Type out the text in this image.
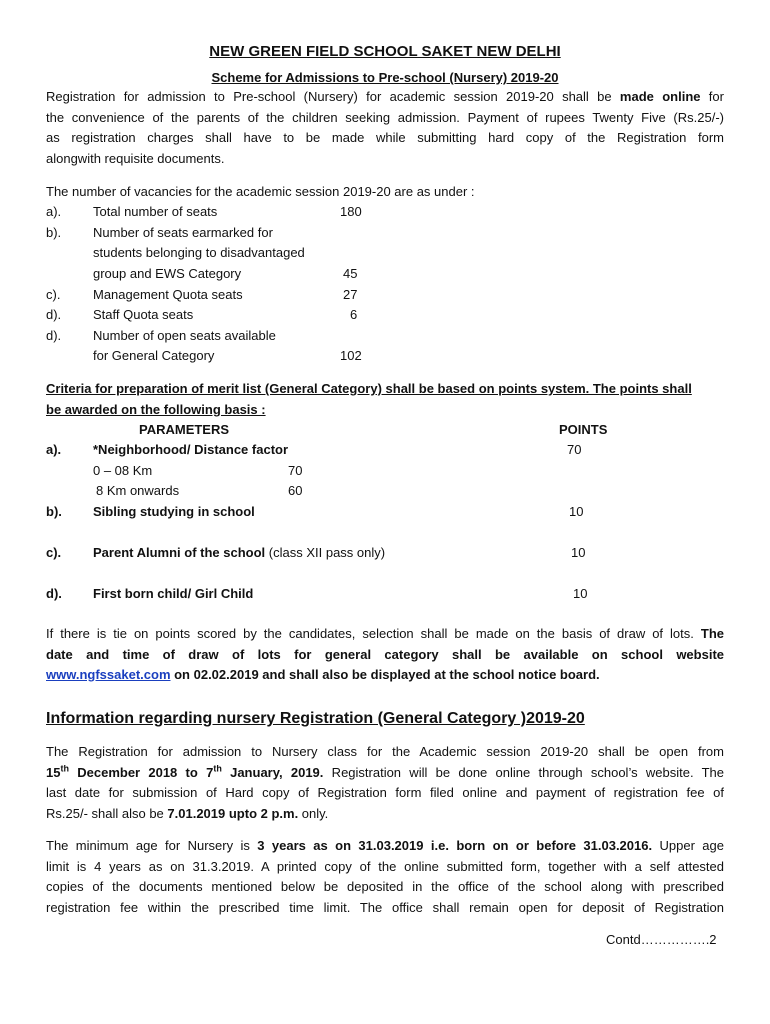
NEW GREEN FIELD SCHOOL SAKET NEW DELHI
Scheme for Admissions to Pre-school (Nursery) 2019-20
Registration for admission to Pre-school (Nursery) for academic session 2019-20 shall be made online for
the convenience of the parents of the children seeking admission. Payment of rupees Twenty Five (Rs.25/-)
as registration charges shall have to be made while submitting hard copy of the Registration form
alongwith requisite documents.
The number of vacancies for the academic session 2019-20 are as under :
a). Total number of seats	180
b). Number of seats earmarked for
students belonging to disadvantaged
group and EWS Category	45
c).	Management Quota seats	27
d). Staff Quota seats	6
d). Number of open seats available
for General Category	102
Criteria for preparation of merit list (General Category) shall be based on points system. The points shall
be awarded on the following basis :
PARAMETERS	POINTS
a). *Neighborhood/ Distance factor	70
0 – 08 Km	70
8 Km onwards	60
b). Sibling studying in school	10
c). Parent Alumni of the school (class XII pass only)	10
d). First born child/ Girl Child	10
If there is tie on points scored by the candidates, selection shall be made on the basis of draw of lots. The
date and time of draw of lots for general category shall be available on school website
www.ngfssaket.com on 02.02.2019 and shall also be displayed at the school notice board.
Information regarding nursery Registration (General Category )2019-20
The Registration for admission to Nursery class for the Academic session 2019-20 shall be open from
15th December 2018 to 7th January, 2019. Registration will be done online through school’s website. The
last date for submission of Hard copy of Registration form filed online and payment of registration fee of
Rs.25/- shall also be 7.01.2019 upto 2 p.m. only.
The minimum age for Nursery is 3 years as on 31.03.2019 i.e. born on or before 31.03.2016. Upper age
limit is 4 years as on 31.3.2019. A printed copy of the online submitted form, together with a self attested
copies of the documents mentioned below be deposited in the office of the school along with prescribed
registration fee within the prescribed time limit. The office shall remain open for deposit of Registration
Contd…………….2
